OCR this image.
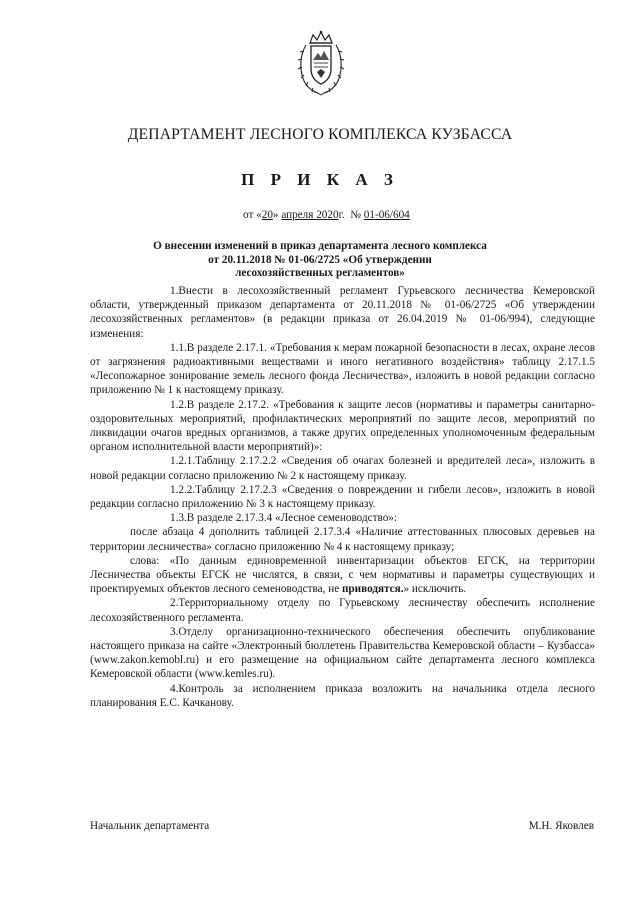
ДЕПАРТАМЕНТ ЛЕСНОГО КОМПЛЕКСА КУЗБАССА
П Р И К А З
от «20» апреля 2020г. № 01-06/604
О внесении изменений в приказ департамента лесного комплекса
от 20.11.2018 № 01-06/2725 «Об утверждении
лесохозяйственных регламентов»

1.Внести в лесохозяйственный регламент Гурьевского лесничества Кемеровской области, утвержденный приказом департамента от 20.11.2018 № 01-06/2725 «Об утверждении лесохозяйственных регламентов» (в редакции приказа от 26.04.2019 № 01-06/994), следующие изменения:

1.1.В разделе 2.17.1. «Требования к мерам пожарной безопасности в лесах, охране лесов от загрязнения радиоактивными веществами и иного негативного воздействия» таблицу 2.17.1.5 «Лесопожарное зонирование земель лесного фонда Лесничества», изложить в новой редакции согласно приложению № 1 к настоящему приказу.

1.2.В разделе 2.17.2. «Требования к защите лесов (нормативы и параметры санитарно-оздоровительных мероприятий, профилактических мероприятий по защите лесов, мероприятий по ликвидации очагов вредных организмов, а также других определенных уполномоченным федеральным органом исполнительной власти мероприятий)»:

1.2.1.Таблицу 2.17.2.2 «Сведения об очагах болезней и вредителей леса», изложить в новой редакции согласно приложению № 2 к настоящему приказу.

1.2.2.Таблицу 2.17.2.3 «Сведения о повреждении и гибели лесов», изложить в новой редакции согласно приложению № 3 к настоящему приказу.

1.3.В разделе 2.17.3.4 «Лесное семеноводство»:

после абзаца 4 дополнить таблицей 2.17.3.4 «Наличие аттестованных плюсовых деревьев на территории лесничества» согласно приложению № 4 к настоящему приказу;

слова: «По данным единовременной инвентаризации объектов ЕГСК, на территории Лесничества объекты ЕГСК не числятся, в связи, с чем нормативы и параметры существующих и проектируемых объектов лесного семеноводства, не приводятся.» исключить.

2.Территориальному отделу по Гурьевскому лесничеству обеспечить исполнение лесохозяйственного регламента.

3.Отделу организационно-технического обеспечения обеспечить опубликование настоящего приказа на сайте «Электронный бюллетень Правительства Кемеровской области – Кузбасса» (www.zakon.kemobl.ru) и его размещение на официальном сайте департамента лесного комплекса Кемеровской области (www.kemles.ru).

4.Контроль за исполнением приказа возложить на начальника отдела лесного планирования Е.С. Качканову.

Начальник департамента	М.Н. Яковлев
